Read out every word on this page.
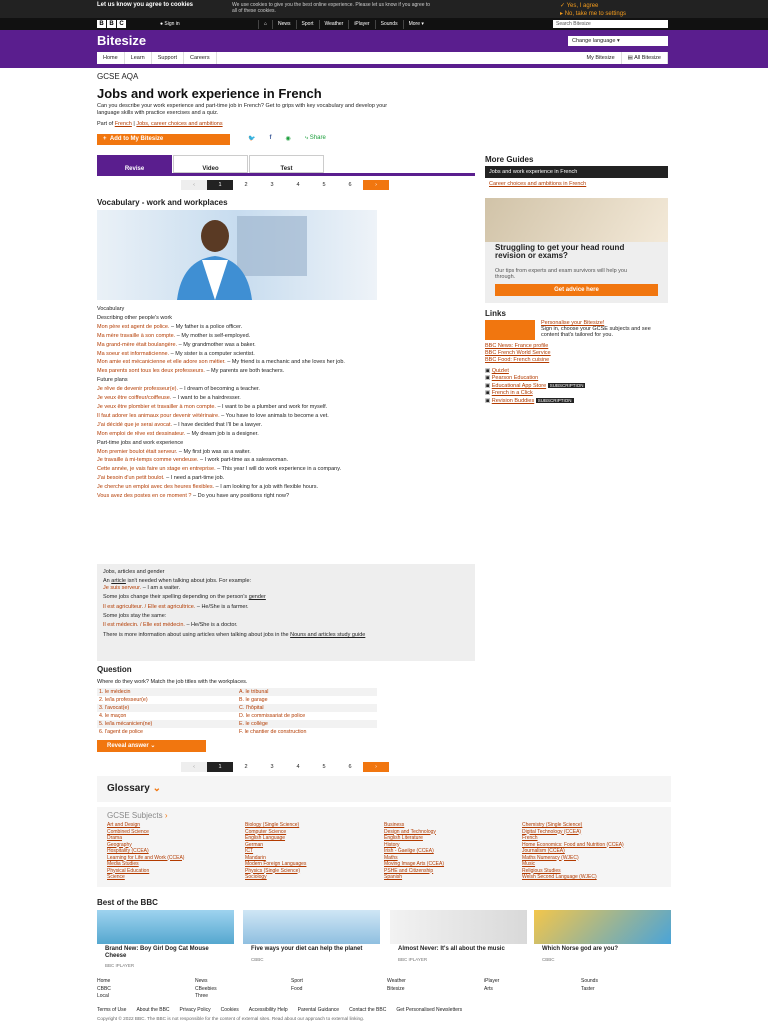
Let us know you agree to cookies	We use cookies to give you the best online experience. Please let us know if you agree to all of these cookies.
✓ Yes, I agree
▸ No, take me to settings
B B C	● Sign in	⌂	News	Sport	Weather	iPlayer	Sounds	More ▾	Search Bitesize
Bitesize	Change language ▾
Home	Learn	Support	Careers	My Bitesize	▤ All Bitesize
GCSE AQA
Jobs and work experience in French
Can you describe your work experience and part-time job in French? Get to grips with key vocabulary and develop your language skills with practice exercises and a quiz.
Part of French | Jobs, career choices and ambitions
+ Add to My Bitesize	🐦 f ◉ ⤷ Share
Revise	Video	Test
‹	1	2	3	4	5	6	›
Vocabulary - work and workplaces

Vocabulary

Describing other people's work

Mon père est agent de police. – My father is a police officer.

Ma mère travaille à son compte. – My mother is self-employed.

Ma grand-mère était boulangère. – My grandmother was a baker.

Ma soeur est informaticienne. – My sister is a computer scientist.

Mon amie est mécanicienne et elle adore son métier. – My friend is a mechanic and she loves her job.

Mes parents sont tous les deux professeurs. – My parents are both teachers.

Future plans

Je rêve de devenir professeur(e). – I dream of becoming a teacher.

Je veux être coiffeur/coiffeuse. – I want to be a hairdresser.

Je veux être plombier et travailler à mon compte. – I want to be a plumber and work for myself.

Il faut adorer les animaux pour devenir vétérinaire. – You have to love animals to become a vet.

J'ai décidé que je serai avocat. – I have decided that I'll be a lawyer.

Mon emploi de rêve est dessinateur. – My dream job is a designer.

Part-time jobs and work experience

Mon premier boulot était serveur. – My first job was as a waiter.

Je travaille à mi-temps comme vendeuse. – I work part-time as a saleswoman.

Cette année, je vais faire un stage en entreprise. – This year I will do work experience in a company.

J'ai besoin d'un petit boulot. – I need a part-time job.

Je cherche un emploi avec des heures flexibles. – I am looking for a job with flexible hours.

Vous avez des postes en ce moment ? – Do you have any positions right now?

Jobs, articles and gender

An article isn't needed when talking about jobs. For example:

Je suis serveur. – I am a waiter.

Some jobs change their spelling depending on the person's gender

Il est agriculteur. / Elle est agricultrice. – He/She is a farmer.

Some jobs stay the same:

Il est médecin. / Elle est médecin. – He/She is a doctor.

There is more information about using articles when talking about jobs in the Nouns and articles study guide

Question
Where do they work? Match the job titles with the workplaces.
1. le médecin	A. le tribunal
2. le/la professeur(e)	B. le garage
3. l'avocat(e)	C. l'hôpital
4. le maçon	D. le commissariat de police
5. le/la mécanicien(ne)	E. le collège
6. l'agent de police	F. le chantier de construction
Reveal answer ⌄
‹	1	2	3	4	5	6	›
Glossary ⌄
GCSE Subjects ›
Art and Design
Combined Science
Drama
Geography
Hospitality (CCEA)
Learning for Life and Work (CCEA)
Media Studies
Physical Education
Science
Biology (Single Science)
Computer Science
English Language
German
ICT
Mandarin
Modern Foreign Languages
Physics (Single Science)
Sociology
Business
Design and Technology
English Literature
History
Irish - Gaeilge (CCEA)
Maths
Moving Image Arts (CCEA)
PSHE and Citizenship
Spanish
Chemistry (Single Science)
Digital Technology (CCEA)
French
Home Economics: Food and Nutrition (CCEA)
Journalism (CCEA)
Maths Numeracy (WJEC)
Music
Religious Studies
Welsh Second Language (WJEC)
More Guides
Jobs and work experience in French
Career choices and ambitions in French
Struggling to get your head round revision or exams?
Our tips from experts and exam survivors will help you through.
Get advice here
Links
Personalise your Bitesize!
Sign in, choose your GCSE subjects and see content that's tailored for you.
BBC News: France profile
BBC French World Service
BBC Food: French cuisine
▣ Quizlet
▣ Pearson Education
▣ Educational App Store SUBSCRIPTION
▣ French in a Click
▣ Revision Buddies SUBSCRIPTION
Best of the BBC
Brand New: Boy Girl Dog Cat Mouse Cheese
BBC IPLAYER
Five ways your diet can help the planet
CBBC
Almost Never: It's all about the music
BBC IPLAYER
Which Norse god are you?
CBBC
Home
CBBC
Local
News
CBeebies
Three
Sport
Food
Weather
Bitesize
iPlayer
Arts
Sounds
Taster
Terms of Use About the BBC Privacy Policy Cookies Accessibility Help Parental Guidance Contact the BBC Get Personalised Newsletters
Copyright © 2022 BBC. The BBC is not responsible for the content of external sites. Read about our approach to external linking.
